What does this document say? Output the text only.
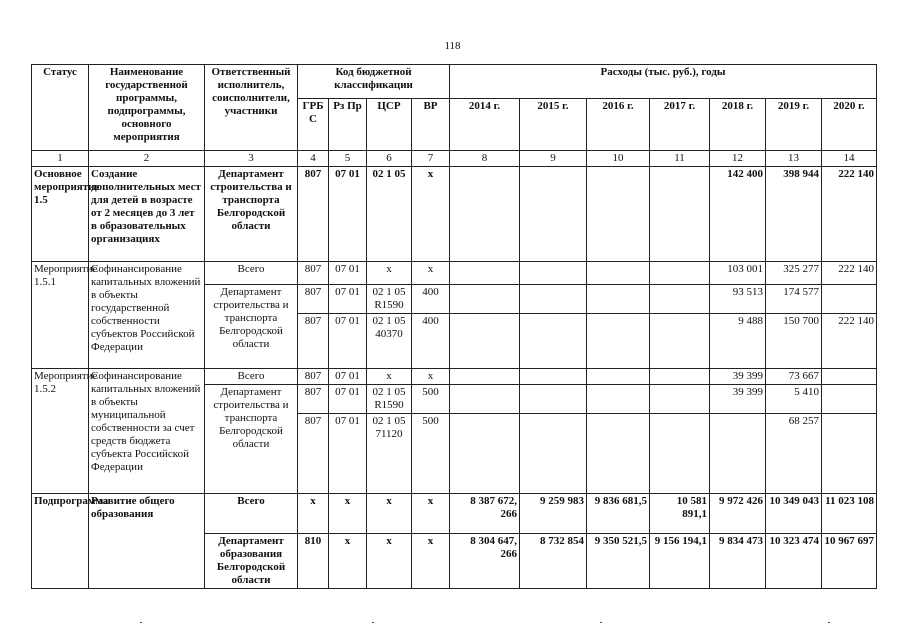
118
Статус	Наименование государственной программы, подпрограммы, основного мероприятия	Ответственный исполнитель, соисполнители, участники	Код бюджетной классификации				Расходы (тыс. руб.), годы						
			ГРБ С	Рз Пр	ЦСР	ВР	2014 г.	2015 г.	2016 г.	2017 г.	2018 г.	2019 г.	2020 г.
1	2	3	4	5	6	7	8	9	10	11	12	13	14
Основное мероприятие 1.5	Создание дополнительных мест для детей в возрасте от 2 месяцев до 3 лет в образовательных организациях	Департамент строительства и транспорта Белгородской области	807	07 01	02 1 05	х					142 400	398 944	222 140
Мероприятие 1.5.1	Софинансирование капитальных вложений в объекты государственной собственности субъектов Российской Федерации	Всего	807	07 01	х	х					103 001	325 277	222 140
		Департамент строительства и транспорта Белгородской области	807	07 01	02 1 05 R1590	400					93 513	174 577	
			807	07 01	02 1 05 40370	400					9 488	150 700	222 140
Мероприятие 1.5.2	Софинансирование капитальных вложений в объекты муниципальной собственности за счет средств бюджета субъекта Российской Федерации	Всего	807	07 01	х	х					39 399	73 667	
		Департамент строительства и транспорта Белгородской области	807	07 01	02 1 05 R1590	500					39 399	5 410	
			807	07 01	02 1 05 71120	500						68 257	
Подпрограмма	Развитие общего образования	Всего	х	х	х	х	8 387 672, 266	9 259 983	9 836 681,5	10 581 891,1	9 972 426	10 349 043	11 023 108
		Департамент образования Белгородской области	810	х	х	х	8 304 647, 266	8 732 854	9 350 521,5	9 156 194,1	9 834 473	10 323 474	10 967 697
